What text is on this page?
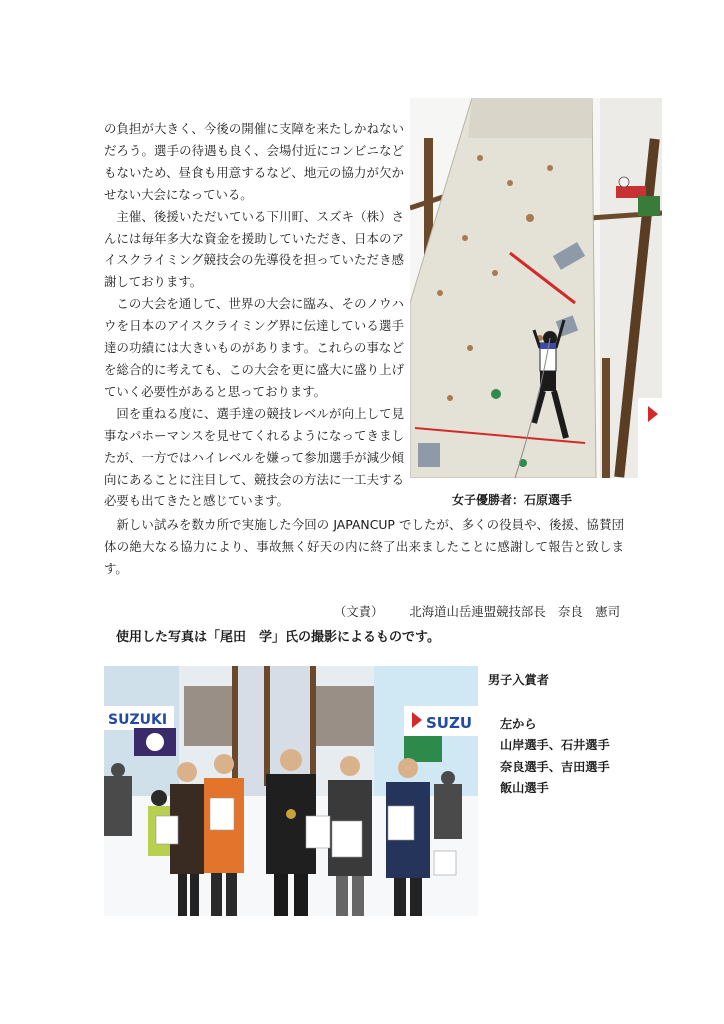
の負担が大きく、今後の開催に支障を来たしかねないだろう。選手の待遇も良く、会場付近にコンビニなどもないため、昼食も用意するなど、地元の協力が欠かせない大会になっている。

主催、後援いただいている下川町、スズキ（株）さんには毎年多大な資金を援助していただき、日本のアイスクライミング競技会の先導役を担っていただき感謝しております。

この大会を通して、世界の大会に臨み、そのノウハウを日本のアイスクライミング界に伝達している選手達の功績には大きいものがあります。これらの事などを総合的に考えても、この大会を更に盛大に盛り上げていく必要性があると思っております。

回を重ねる度に、選手達の競技レベルが向上して見事なパホーマンスを見せてくれるようになってきましたが、一方ではハイレベルを嫌って参加選手が減少傾向にあることに注目して、競技会の方法に一工夫する必要も出てきたと感じています。	女子優勝者：石原選手

新しい試みを数カ所で実施した今回の JAPANCUP でしたが、多くの役員や、後援、協賛団体の絶大なる協力により、事故無く好天の内に終了出来ましたことに感謝して報告と致します。

（文責） 北海道山岳連盟競技部長　奈良　憲司
使用した写真は「尾田　学」氏の撮影によるものです。
SUZUKI	SUZU
男子入賞者
左から
山岸選手、石井選手
奈良選手、吉田選手
飯山選手
